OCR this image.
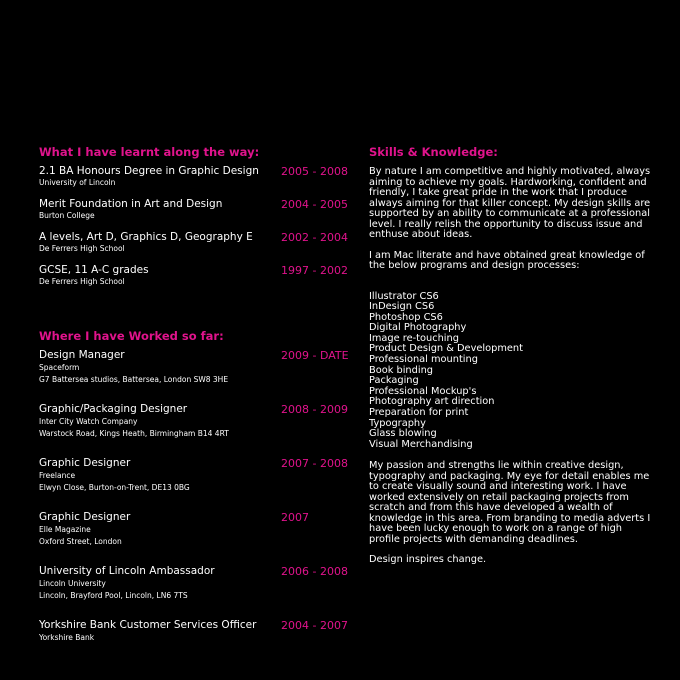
What I have learnt along the way:
2.1 BA Honours Degree in Graphic Design
University of Lincoln
2005 - 2008
Merit Foundation in Art and Design
Burton College
2004 - 2005
A levels, Art D, Graphics D, Geography E
De Ferrers High School
2002 - 2004
GCSE, 11 A-C grades
De Ferrers High School
1997 - 2002
Where I have Worked so far:
Design Manager
Spaceform
G7 Battersea studios, Battersea, London SW8 3HE
2009 - DATE
Graphic/Packaging Designer
Inter City Watch Company
Warstock Road, Kings Heath, Birmingham B14 4RT
2008 - 2009
Graphic Designer
Freelance
Elwyn Close, Burton-on-Trent, DE13 0BG
2007 - 2008
Graphic Designer
Elle Magazine
Oxford Street, London
2007
University of Lincoln Ambassador
Lincoln University
Lincoln, Brayford Pool, Lincoln, LN6 7TS
2006 - 2008
Yorkshire Bank Customer Services Officer
Yorkshire Bank
2004 - 2007
Skills & Knowledge:

By nature I am competitive and highly motivated, always aiming to achieve my goals. Hardworking, confident and friendly, I take great pride in the work that I produce always aiming for that killer concept. My design skills are supported by an ability to communicate at a professional level. I really relish the opportunity to discuss issue and enthuse about ideas.

I am Mac literate and have obtained great knowledge of the below programs and design processes:

Illustrator CS6
InDesign CS6
Photoshop CS6
Digital Photography
Image re-touching
Product Design & Development
Professional mounting
Book binding
Packaging
Professional Mockup's
Photography art direction
Preparation for print
Typography
Glass blowing
Visual Merchandising

My passion and strengths lie within creative design, typography and packaging. My eye for detail enables me to create visually sound and interesting work. I have worked extensively on retail packaging projects from scratch and from this have developed a wealth of knowledge in this area. From branding to media adverts I have been lucky enough to work on a range of high profile projects with demanding deadlines.

Design inspires change.
